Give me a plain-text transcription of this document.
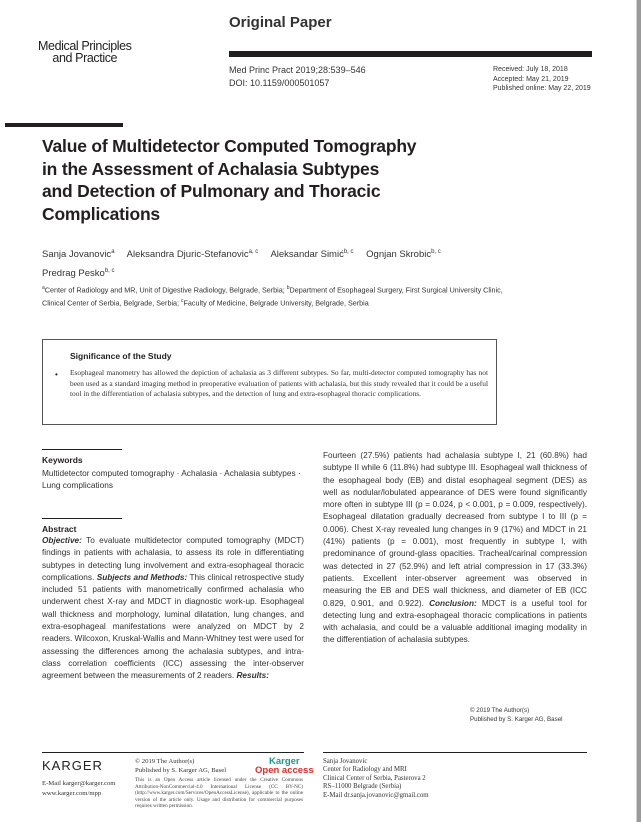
Medical Principles
and Practice
Original Paper
Med Princ Pract 2019;28:539–546
DOI: 10.1159/000501057
Received: July 18, 2018
Accepted: May 21, 2019
Published online: May 22, 2019
Value of Multidetector Computed Tomography
in the Assessment of Achalasia Subtypes
and Detection of Pulmonary and Thoracic
Complications
Sanja Jovanovic$^a$ Aleksandra Djuric-Stefanovic$^{a, c}$ Aleksandar Simić$^{b, c}$ Ognjan Skrobic$^{b, c}$
Predrag Pesko$^{b, c}$
$^a$Center of Radiology and MR, Unit of Digestive Radiology, Belgrade, Serbia; $^b$Department of Esophageal Surgery, First Surgical University Clinic, Clinical Center of Serbia, Belgrade, Serbia; $^c$Faculty of Medicine, Belgrade University, Belgrade, Serbia
Significance of the Study
• Esophageal manometry has allowed the depiction of achalasia as 3 different subtypes. So far, multi-detector computed tomography has not been used as a standard imaging method in preoperative evaluation of patients with achalasia, but this study revealed that it could be a useful tool in the differentiation of achalasia subtypes, and the detection of lung and extra-esophageal thoracic complications.
Keywords
Multidetector computed tomography · Achalasia · Achalasia subtypes · Lung complications
Abstract
Objective: To evaluate multidetector computed tomography (MDCT) findings in patients with achalasia, to assess its role in differentiating subtypes in detecting lung involvement and extra-esophageal thoracic complications. Subjects and Methods: This clinical retrospective study included 51 patients with manometrically confirmed achalasia who underwent chest X-ray and MDCT in diagnostic work-up. Esophageal wall thickness and morphology, luminal dilatation, lung changes, and extra-esophageal manifestations were analyzed on MDCT by 2 readers. Wilcoxon, Kruskal-Wallis and Mann-Whitney test were used for assessing the differences among the achalasia subtypes, and intra-class correlation coefficients (ICC) assessing the inter-observer agreement between the measurements of 2 readers. Results:
Fourteen (27.5%) patients had achalasia subtype I, 21 (60.8%) had subtype II while 6 (11.8%) had subtype III. Esophageal wall thickness of the esophageal body (EB) and distal esophageal segment (DES) as well as nodular/lobulated appearance of DES were found significantly more often in subtype III (p = 0.024, p < 0.001, p = 0.009, respectively). Esophageal dilatation gradually decreased from subtype I to III (p = 0.006). Chest X-ray revealed lung changes in 9 (17%) and MDCT in 21 (41%) patients (p = 0.001), most frequently in subtype I, with predominance of ground-glass opacities. Tracheal/carinal compression was detected in 27 (52.9%) and left atrial compression in 17 (33.3%) patients. Excellent inter-observer agreement was observed in measuring the EB and DES wall thickness, and diameter of EB (ICC 0.829, 0.901, and 0.922). Conclusion: MDCT is a useful tool for detecting lung and extra-esophageal thoracic complications in patients with achalasia, and could be a valuable additional imaging modality in the differentiation of achalasia subtypes.
© 2019 The Author(s)
Published by S. Karger AG, Basel
KARGER
E-Mail karger@karger.com
www.karger.com/mpp
© 2019 The Author(s)
Published by S. Karger AG, Basel
Karger
Open access
This is an Open Access article licensed under the Creative Commons Attribution-NonCommercial-4.0 International License (CC BY-NC) (http://www.karger.com/Services/OpenAccessLicense), applicable to the online version of the article only. Usage and distribution for commercial purposes requires written permission.
Sanja Jovanovic
Center for Radiology and MRI
Clinical Center of Serbia, Pasterova 2
RS–11000 Belgrade (Serbia)
E-Mail dr.sanja.jovanovic@gmail.com
